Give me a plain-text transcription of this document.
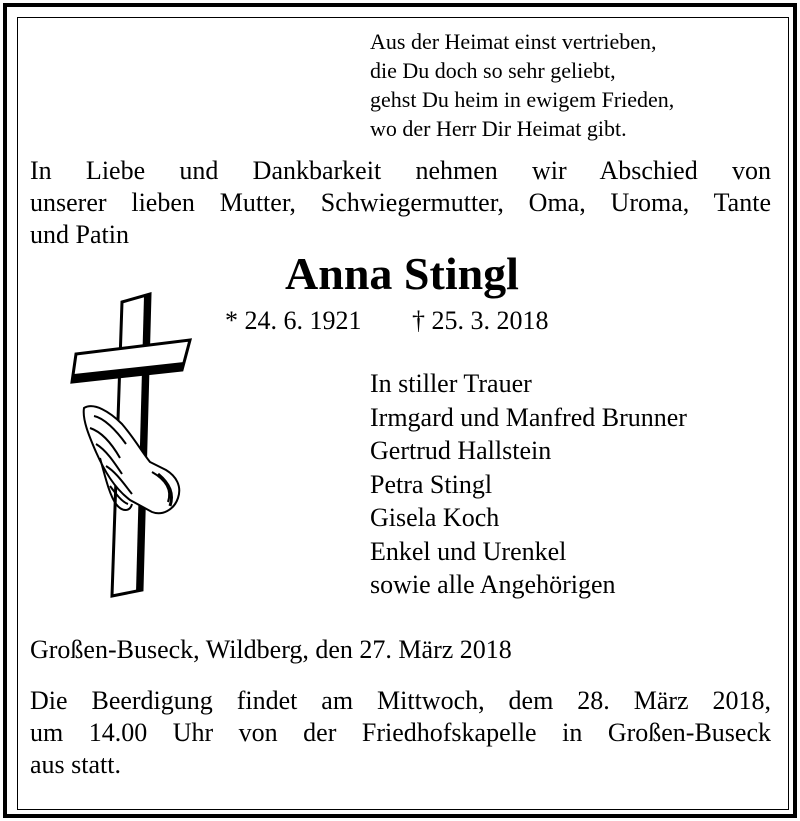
Aus der Heimat einst vertrieben,
die Du doch so sehr geliebt,
gehst Du heim in ewigem Frieden,
wo der Herr Dir Heimat gibt.
In Liebe und Dankbarkeit nehmen wir Abschied von
unserer lieben Mutter, Schwiegermutter, Oma, Uroma, Tante
und Patin
Anna Stingl
* 24. 6. 1921 † 25. 3. 2018
In stiller Trauer
Irmgard und Manfred Brunner
Gertrud Hallstein
Petra Stingl
Gisela Koch
Enkel und Urenkel
sowie alle Angehörigen
Großen-Buseck, Wildberg, den 27. März 2018
Die Beerdigung findet am Mittwoch, dem 28. März 2018,
um 14.00 Uhr von der Friedhofskapelle in Großen-Buseck
aus statt.
